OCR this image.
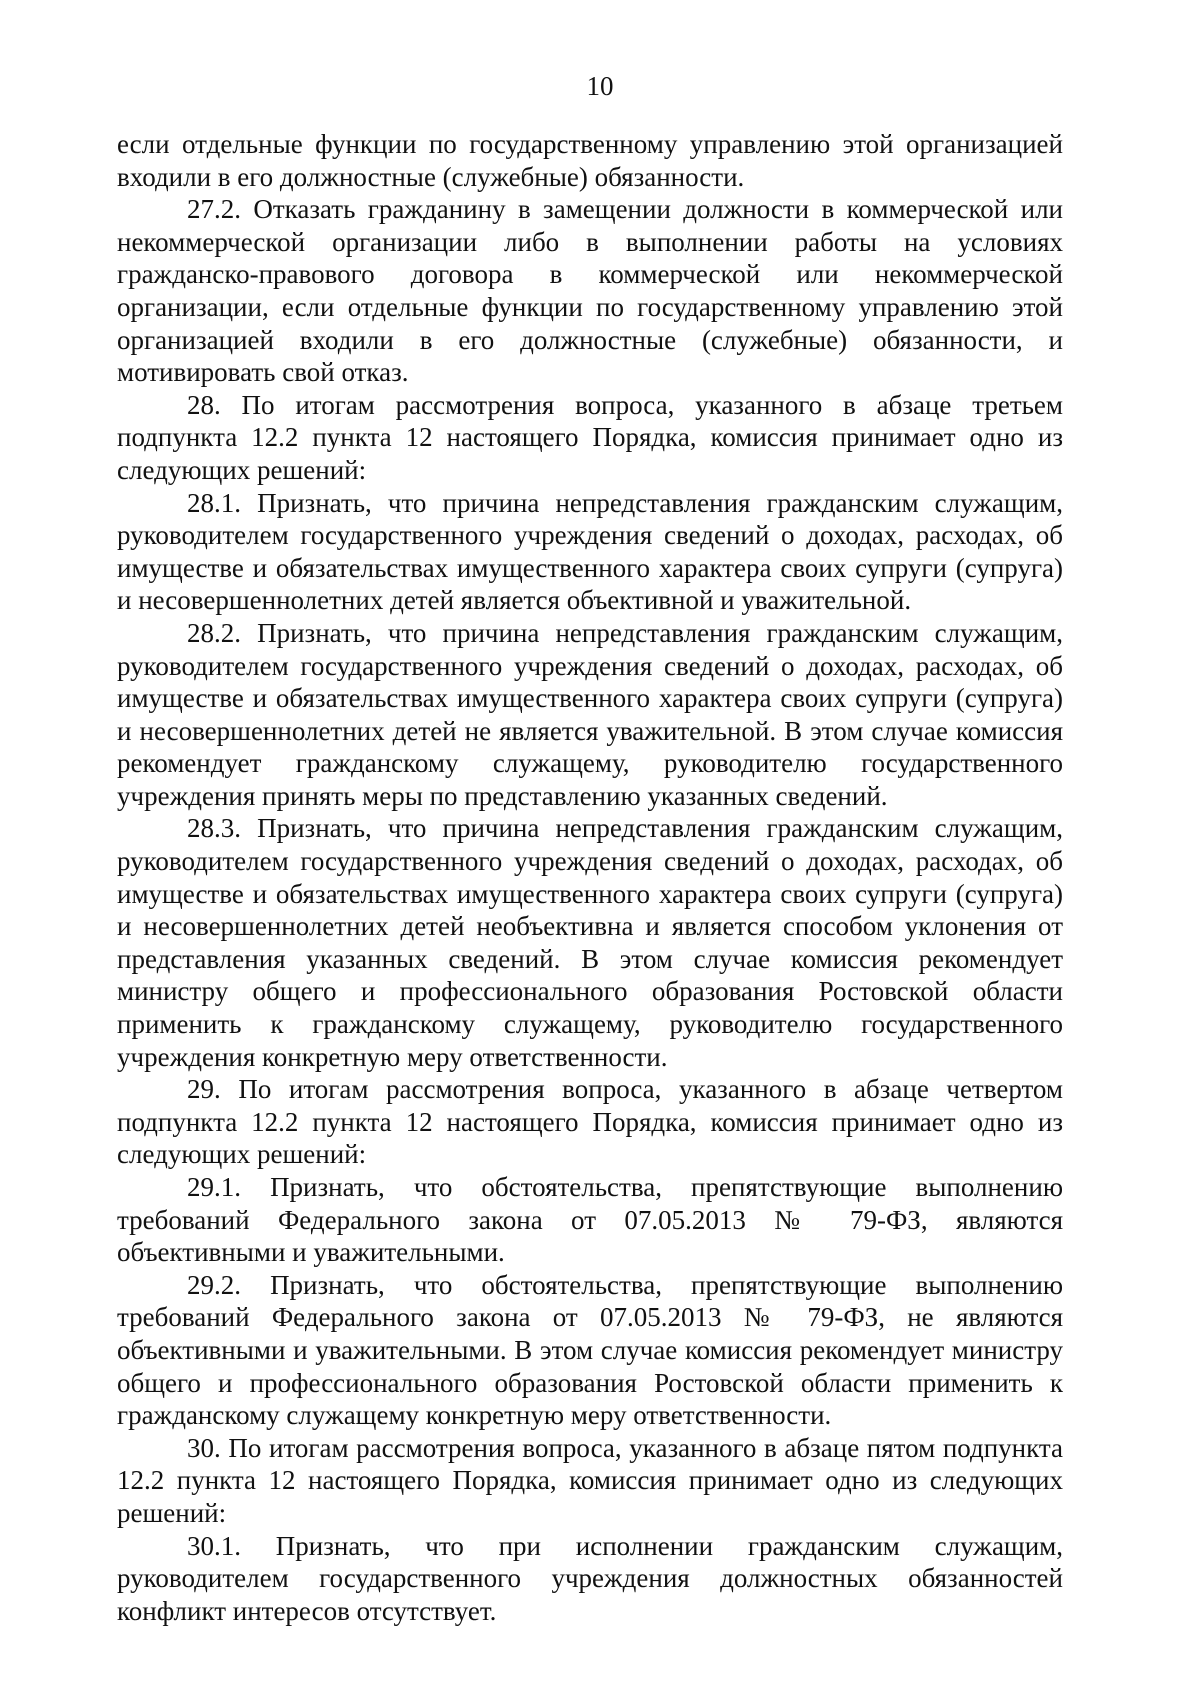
10

если отдельные функции по государственному управлению этой организацией входили в его должностные (служебные) обязанности.

27.2. Отказать гражданину в замещении должности в коммерческой или некоммерческой организации либо в выполнении работы на условиях гражданско-правового договора в коммерческой или некоммерческой организации, если отдельные функции по государственному управлению этой организацией входили в его должностные (служебные) обязанности, и мотивировать свой отказ.

28. По итогам рассмотрения вопроса, указанного в абзаце третьем подпункта 12.2 пункта 12 настоящего Порядка, комиссия принимает одно из следующих решений:

28.1. Признать, что причина непредставления гражданским служащим, руководителем государственного учреждения сведений о доходах, расходах, об имуществе и обязательствах имущественного характера своих супруги (супруга) и несовершеннолетних детей является объективной и уважительной.

28.2. Признать, что причина непредставления гражданским служащим, руководителем государственного учреждения сведений о доходах, расходах, об имуществе и обязательствах имущественного характера своих супруги (супруга) и несовершеннолетних детей не является уважительной. В этом случае комиссия рекомендует гражданскому служащему, руководителю государственного учреждения принять меры по представлению указанных сведений.

28.3. Признать, что причина непредставления гражданским служащим, руководителем государственного учреждения сведений о доходах, расходах, об имуществе и обязательствах имущественного характера своих супруги (супруга) и несовершеннолетних детей необъективна и является способом уклонения от представления указанных сведений. В этом случае комиссия рекомендует министру общего и профессионального образования Ростовской области применить к гражданскому служащему, руководителю государственного учреждения конкретную меру ответственности.

29. По итогам рассмотрения вопроса, указанного в абзаце четвертом подпункта 12.2 пункта 12 настоящего Порядка, комиссия принимает одно из следующих решений:

29.1. Признать, что обстоятельства, препятствующие выполнению требований Федерального закона от 07.05.2013 № 79-ФЗ, являются объективными и уважительными.

29.2. Признать, что обстоятельства, препятствующие выполнению требований Федерального закона от 07.05.2013 № 79-ФЗ, не являются объективными и уважительными. В этом случае комиссия рекомендует министру общего и профессионального образования Ростовской области применить к гражданскому служащему конкретную меру ответственности.

30. По итогам рассмотрения вопроса, указанного в абзаце пятом подпункта 12.2 пункта 12 настоящего Порядка, комиссия принимает одно из следующих решений:

30.1. Признать, что при исполнении гражданским служащим, руководителем государственного учреждения должностных обязанностей конфликт интересов отсутствует.
